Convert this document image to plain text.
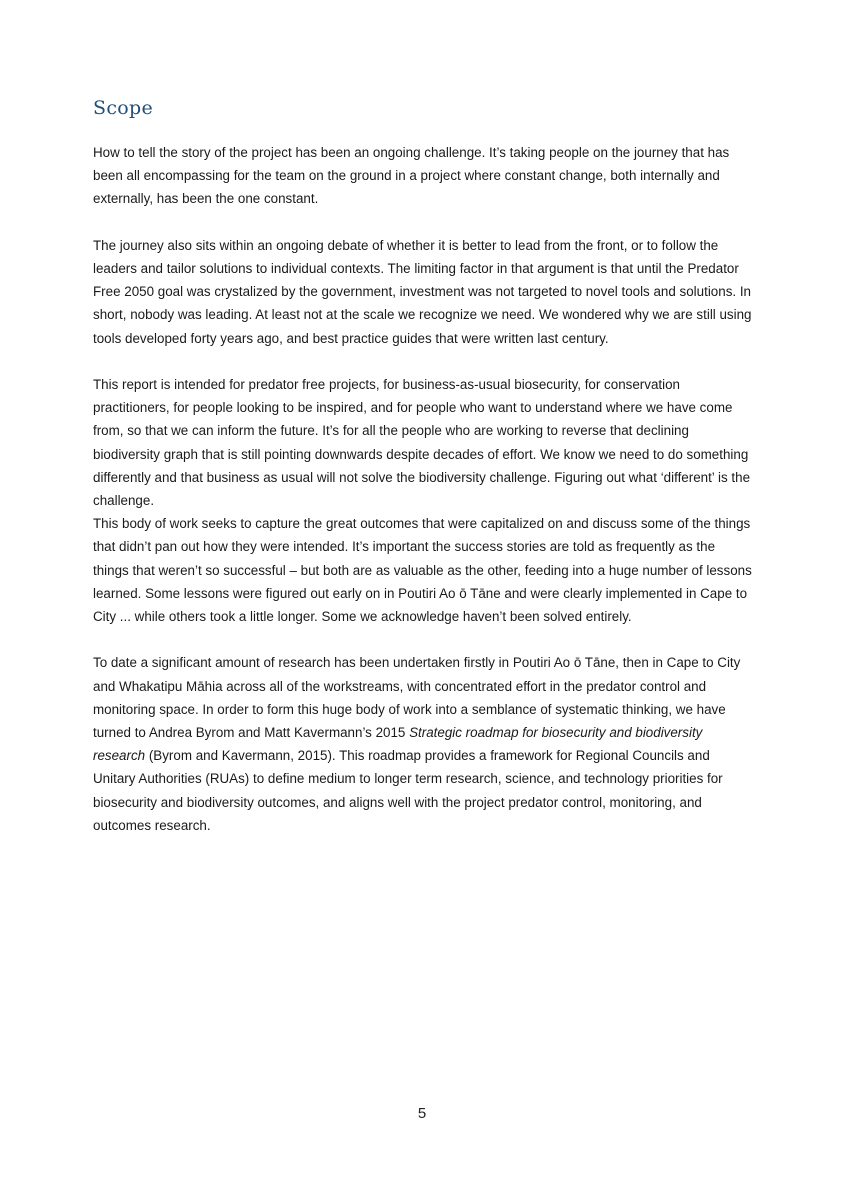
Scope

How to tell the story of the project has been an ongoing challenge. It’s taking people on the journey that has been all encompassing for the team on the ground in a project where constant change, both internally and externally, has been the one constant.

The journey also sits within an ongoing debate of whether it is better to lead from the front, or to follow the leaders and tailor solutions to individual contexts. The limiting factor in that argument is that until the Predator Free 2050 goal was crystalized by the government, investment was not targeted to novel tools and solutions. In short, nobody was leading. At least not at the scale we recognize we need. We wondered why we are still using tools developed forty years ago, and best practice guides that were written last century.

This report is intended for predator free projects, for business-as-usual biosecurity, for conservation practitioners, for people looking to be inspired, and for people who want to understand where we have come from, so that we can inform the future. It’s for all the people who are working to reverse that declining biodiversity graph that is still pointing downwards despite decades of effort. We know we need to do something differently and that business as usual will not solve the biodiversity challenge. Figuring out what ‘different’ is the challenge.

This body of work seeks to capture the great outcomes that were capitalized on and discuss some of the things that didn’t pan out how they were intended. It’s important the success stories are told as frequently as the things that weren’t so successful – but both are as valuable as the other, feeding into a huge number of lessons learned. Some lessons were figured out early on in Poutiri Ao ō Tāne and were clearly implemented in Cape to City ... while others took a little longer. Some we acknowledge haven’t been solved entirely.

To date a significant amount of research has been undertaken firstly in Poutiri Ao ō Tāne, then in Cape to City and Whakatipu Māhia across all of the workstreams, with concentrated effort in the predator control and monitoring space. In order to form this huge body of work into a semblance of systematic thinking, we have turned to Andrea Byrom and Matt Kavermann’s 2015 Strategic roadmap for biosecurity and biodiversity research (Byrom and Kavermann, 2015). This roadmap provides a framework for Regional Councils and Unitary Authorities (RUAs) to define medium to longer term research, science, and technology priorities for biosecurity and biodiversity outcomes, and aligns well with the project predator control, monitoring, and outcomes research.

5
